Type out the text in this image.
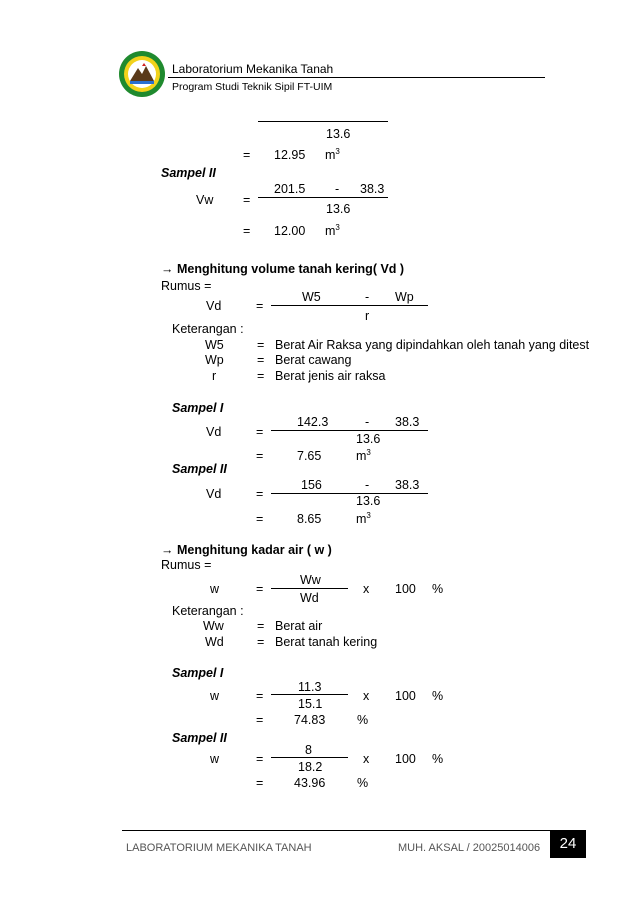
Laboratorium Mekanika Tanah
Program Studi Teknik Sipil FT-UIM
13.6
= 12.95 $m^3$
Sampel II
Vw =
201.5 - 38.3
13.6
= 12.00 $m^3$
→ Menghitung volume tanah kering( Vd )
Rumus =
Vd	=
W5	- Wp
r
Keterangan :
W5	= Berat Air Raksa yang dipindahkan oleh tanah yang ditest
Wp	= Berat cawang
r	= Berat jenis air raksa
Sampel I
Vd	=
142.3	- 38.3
13.6
=	7.65	$m^3$
Sampel II
Vd	=
156	- 38.3
13.6
=	8.65	$m^3$
→ Menghitung kadar air ( w )
Rumus =
w	=
Ww
Wd
x 100 %
Keterangan :
Ww	= Berat air
Wd	= Berat tanah kering
Sampel I
w	=
11.3
15.1
x 100 %
= 74.83	%
Sampel II
w	=
8
18.2
x 100 %
= 43.96	%
LABORATORIUM MEKANIKA TANAH	MUH. AKSAL / 20025014006	24
